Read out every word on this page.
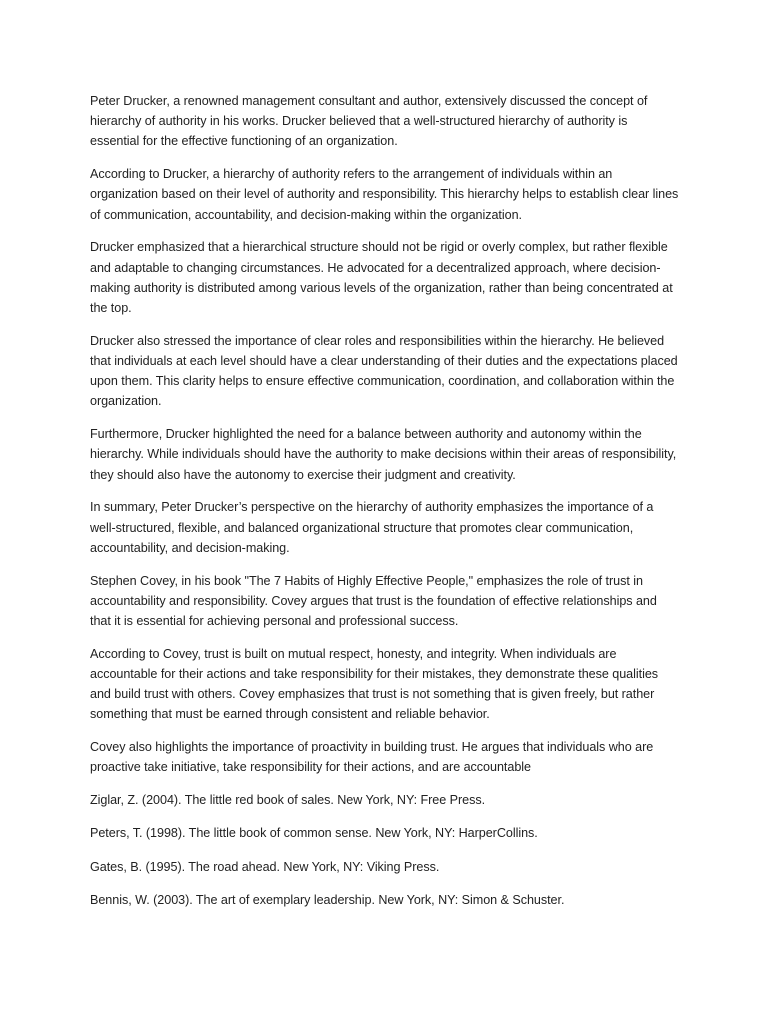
Peter Drucker, a renowned management consultant and author, extensively discussed the concept of hierarchy of authority in his works. Drucker believed that a well-structured hierarchy of authority is essential for the effective functioning of an organization.

According to Drucker, a hierarchy of authority refers to the arrangement of individuals within an organization based on their level of authority and responsibility. This hierarchy helps to establish clear lines of communication, accountability, and decision-making within the organization.

Drucker emphasized that a hierarchical structure should not be rigid or overly complex, but rather flexible and adaptable to changing circumstances. He advocated for a decentralized approach, where decision-making authority is distributed among various levels of the organization, rather than being concentrated at the top.

Drucker also stressed the importance of clear roles and responsibilities within the hierarchy. He believed that individuals at each level should have a clear understanding of their duties and the expectations placed upon them. This clarity helps to ensure effective communication, coordination, and collaboration within the organization.

Furthermore, Drucker highlighted the need for a balance between authority and autonomy within the hierarchy. While individuals should have the authority to make decisions within their areas of responsibility, they should also have the autonomy to exercise their judgment and creativity.

In summary, Peter Drucker’s perspective on the hierarchy of authority emphasizes the importance of a well-structured, flexible, and balanced organizational structure that promotes clear communication, accountability, and decision-making.

Stephen Covey, in his book "The 7 Habits of Highly Effective People," emphasizes the role of trust in accountability and responsibility. Covey argues that trust is the foundation of effective relationships and that it is essential for achieving personal and professional success.

According to Covey, trust is built on mutual respect, honesty, and integrity. When individuals are accountable for their actions and take responsibility for their mistakes, they demonstrate these qualities and build trust with others. Covey emphasizes that trust is not something that is given freely, but rather something that must be earned through consistent and reliable behavior.

Covey also highlights the importance of proactivity in building trust. He argues that individuals who are proactive take initiative, take responsibility for their actions, and are accountable

Ziglar, Z. (2004). The little red book of sales. New York, NY: Free Press.

Peters, T. (1998). The little book of common sense. New York, NY: HarperCollins.

Gates, B. (1995). The road ahead. New York, NY: Viking Press.

Bennis, W. (2003). The art of exemplary leadership. New York, NY: Simon & Schuster.
